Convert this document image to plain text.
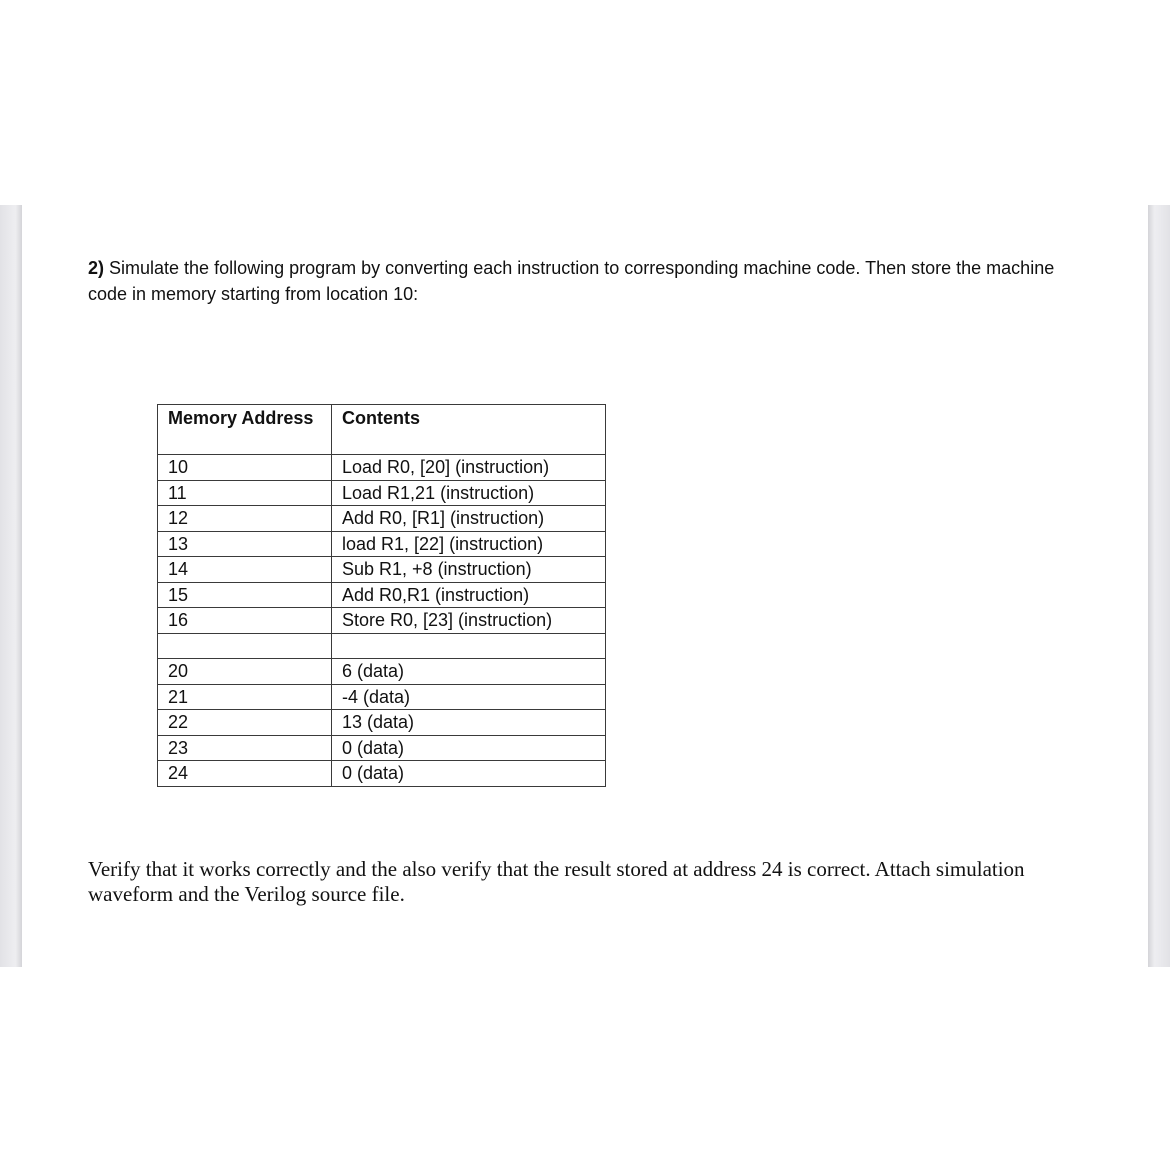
2) Simulate the following program by converting each instruction to corresponding machine code. Then store the machine code in memory starting from location 10:
Memory Address	Contents
10	Load R0, [20] (instruction)
11	Load R1,21 (instruction)
12	Add R0, [R1] (instruction)
13	load R1, [22] (instruction)
14	Sub R1, +8 (instruction)
15	Add R0,R1 (instruction)
16	Store R0, [23] (instruction)

20	6 (data)
21	-4 (data)
22	13 (data)
23	0 (data)
24	0 (data)
Verify that it works correctly and the also verify that the result stored at address 24 is correct. Attach simulation waveform and the Verilog source file.
